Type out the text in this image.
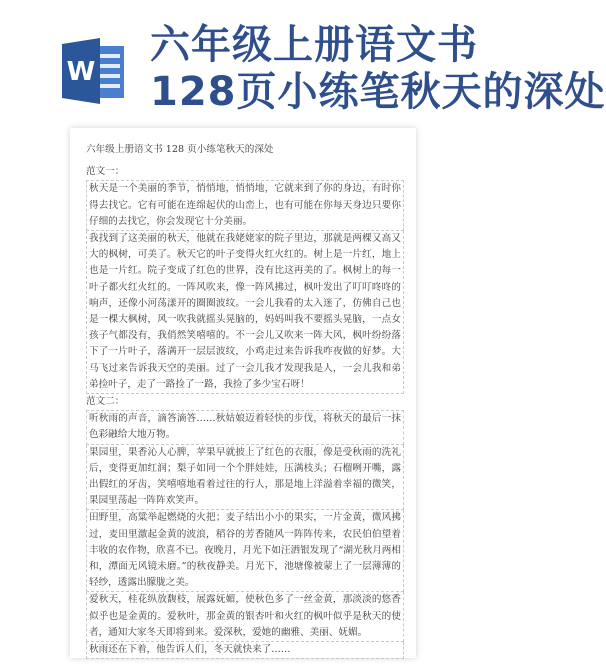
W
六年级上册语文书
128页小练笔秋天的深处

六年级上册语文书 128 页小练笔秋天的深处

范文一：

秋天是一个美丽的季节，悄悄地，悄悄地，它就来到了你的身边，有时你得去找它。它有可能在连绵起伏的山峦上，也有可能在你每天身边只要你仔细的去找它，你会发现它十分美丽。

我找到了这美丽的秋天，他就在我姥姥家的院子里边，那就是两棵又高又大的枫树，可美了。秋天它的叶子变得火红火红的。树上是一片红，地上也是一片红。院子变成了红色的世界，没有比这再美的了。枫树上的每一叶子都火红火红的。一阵风吹来，像一阵风拂过，枫叶发出了叮叮咚咚的响声，还像小河荡漾开的圈圈波纹。一会儿我看的太入迷了，仿佛自己也是一棵大枫树，风一吹我就摇头晃脑的，妈妈叫我不要摇头晃脑，一点女孩子气都没有，我俏然笑嘻嘻的。不一会儿又吹来一阵大风，枫叶纷纷落下了一片叶子，落满开一层层波纹，小鸡走过来告诉我咋夜做的好梦。大马飞过来告诉我天空的美丽。过了一会儿我才发现我是人，一会儿我和弟弟捡叶子，走了一路捡了一路，我捡了多少宝石呀！

范文二：

听秋雨的声音，滴答滴答……秋姑娘迈着轻快的步伐，将秋天的最后一抹色彩融给大地万物。

果园里，果香沁人心脾，苹果早就披上了红色的衣服，像是受秋雨的洗礼后，变得更加红润；梨子如同一个个胖娃娃，压满枝头；石榴咧开嘴，露出假红的牙齿，笑嘻嘻地看着过往的行人，那是地上洋溢着幸福的微笑，果园里荡起一阵阵欢笑声。

田野里，高粱举起燃烧的火把；麦子结出小小的果实，一片金黄，微风拂过，麦田里激起金黄的波浪，稻谷的芳香随风一阵阵传来，农民伯伯望着丰收的农作物，欣喜不已。夜晚月，月光下如汪洒银发现了“湖光秋月两相和，潭面无风镜未磨。”的秋夜静美。月光下，池塘像被蒙上了一层薄薄的轻纱，透露出朦胧之美。

爱秋天，桂花纵放馥枝，展露妩媚，使秋色多了一丝金黄，那淡淡的悠香似乎也是金黄的。爱秋叶，那金黄的银杏叶和火红的枫叶似乎是秋天的使者，通知大家冬天即将到来。爱深秋，爱她的幽雅、美丽、妩媚。

秋雨还在下着，他告诉人们，冬天就快来了……
